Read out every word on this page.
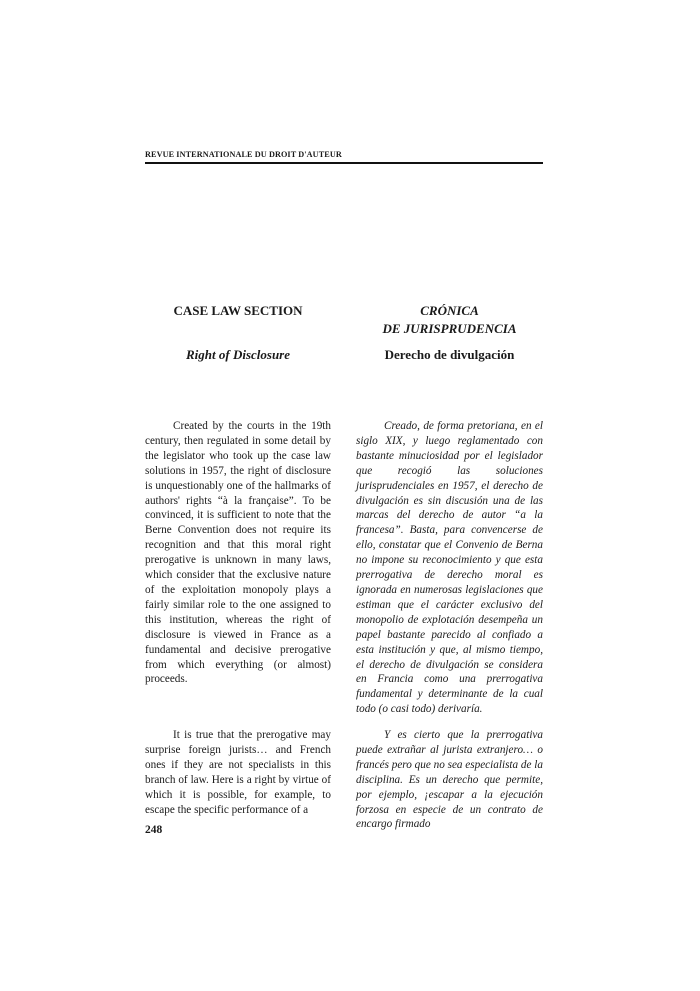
REVUE INTERNATIONALE DU DROIT D'AUTEUR
CASE LAW SECTION	CRÓNICA
DE JURISPRUDENCIA
Right of Disclosure	Derecho de divulgación

Created by the courts in the 19th century, then regulated in some detail by the legislator who took up the case law solutions in 1957, the right of disclosure is unquestionably one of the hallmarks of authors' rights “à la française”. To be convinced, it is sufficient to note that the Berne Convention does not require its recognition and that this moral right prerogative is unknown in many laws, which consider that the exclusive nature of the exploitation monopoly plays a fairly similar role to the one assigned to this institution, whereas the right of disclosure is viewed in France as a fundamental and decisive prerogative from which everything (or almost) proceeds.

Creado, de forma pretoriana, en el siglo XIX, y luego reglamentado con bastante minuciosidad por el legislador que recogió las soluciones jurisprudenciales en 1957, el derecho de divulgación es sin discusión una de las marcas del derecho de autor “a la francesa”. Basta, para convencerse de ello, constatar que el Convenio de Berna no impone su reconocimiento y que esta prerrogativa de derecho moral es ignorada en numerosas legislaciones que estiman que el carácter exclusivo del monopolio de explotación desempeña un papel bastante parecido al confiado a esta institución y que, al mismo tiempo, el derecho de divulgación se considera en Francia como una prerrogativa fundamental y determinante de la cual todo (o casi todo) derivaría.

It is true that the prerogative may surprise foreign jurists… and French ones if they are not specialists in this branch of law. Here is a right by virtue of which it is possible, for example, to escape the specific performance of a

Y es cierto que la prerrogativa puede extrañar al jurista extranjero… o francés pero que no sea especialista de la disciplina. Es un derecho que permite, por ejemplo, ¡escapar a la ejecución forzosa en especie de un contrato de encargo firmado

248
